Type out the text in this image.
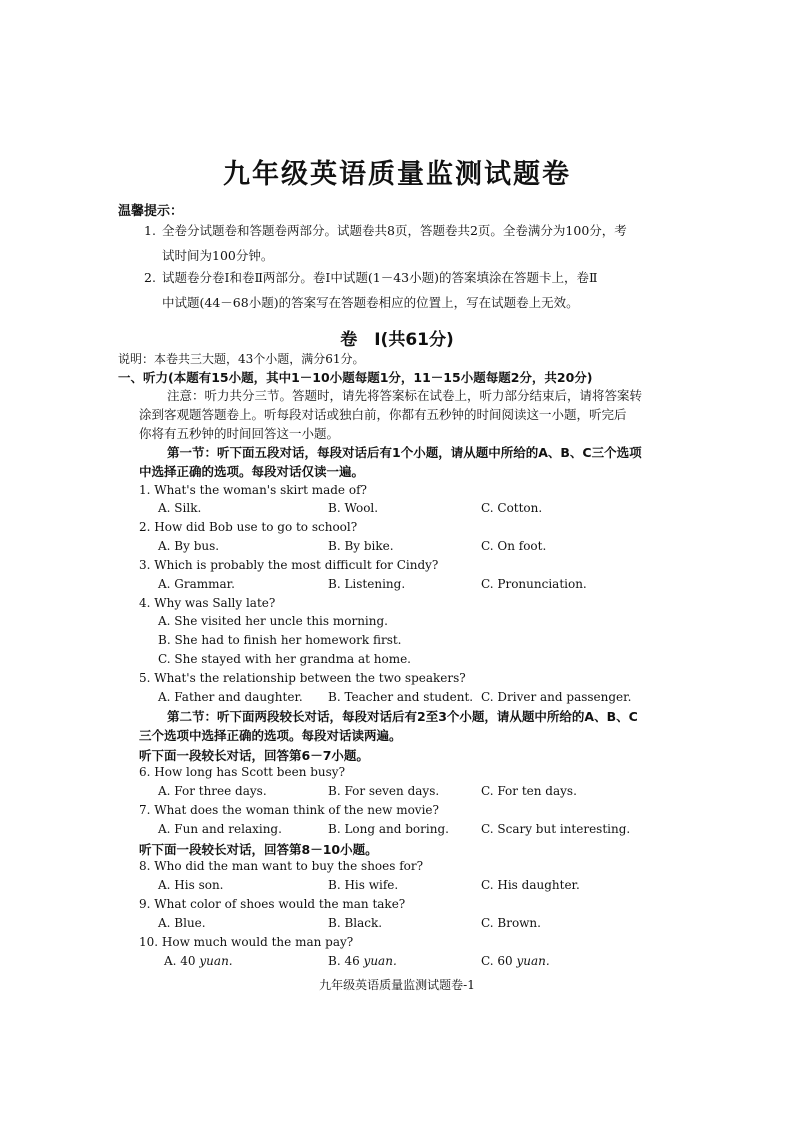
九年级英语质量监测试题卷
温馨提示：
1. 全卷分试题卷和答题卷两部分。试题卷共8页，答题卷共2页。全卷满分为100分，考
试时间为100分钟。
2. 试题卷分卷Ⅰ和卷Ⅱ两部分。卷Ⅰ中试题(1－43小题)的答案填涂在答题卡上，卷Ⅱ
中试题(44－68小题)的答案写在答题卷相应的位置上，写在试题卷上无效。
卷　Ⅰ(共61分)
说明：本卷共三大题，43个小题，满分61分。
一、听力(本题有15小题，其中1－10小题每题1分，11－15小题每题2分，共20分)
注意：听力共分三节。答题时，请先将答案标在试卷上，听力部分结束后，请将答案转
涂到客观题答题卷上。听每段对话或独白前，你都有五秒钟的时间阅读这一小题，听完后
你将有五秒钟的时间回答这一小题。
第一节：听下面五段对话，每段对话后有1个小题，请从题中所给的A、B、C三个选项
中选择正确的选项。每段对话仅读一遍。
1. What's the woman's skirt made of?
A. Silk.	B. Wool.	C. Cotton.
2. How did Bob use to go to school?
A. By bus.	B. By bike.	C. On foot.
3. Which is probably the most difficult for Cindy?
A. Grammar.	B. Listening.	C. Pronunciation.
4. Why was Sally late?
A. She visited her uncle this morning.
B. She had to finish her homework first.
C. She stayed with her grandma at home.
5. What's the relationship between the two speakers?
A. Father and daughter. B. Teacher and student. C. Driver and passenger.
第二节：听下面两段较长对话，每段对话后有2至3个小题，请从题中所给的A、B、C
三个选项中选择正确的选项。每段对话读两遍。
听下面一段较长对话，回答第6－7小题。
6. How long has Scott been busy?
A. For three days.	B. For seven days.	C. For ten days.
7. What does the woman think of the new movie?
A. Fun and relaxing.	B. Long and boring.	C. Scary but interesting.
听下面一段较长对话，回答第8－10小题。
8. Who did the man want to buy the shoes for?
A. His son.	B. His wife.	C. His daughter.
9. What color of shoes would the man take?
A. Blue.	B. Black.	C. Brown.
10. How much would the man pay?
A. 40 yuan.	B. 46 yuan.	C. 60 yuan.
九年级英语质量监测试题卷-1
